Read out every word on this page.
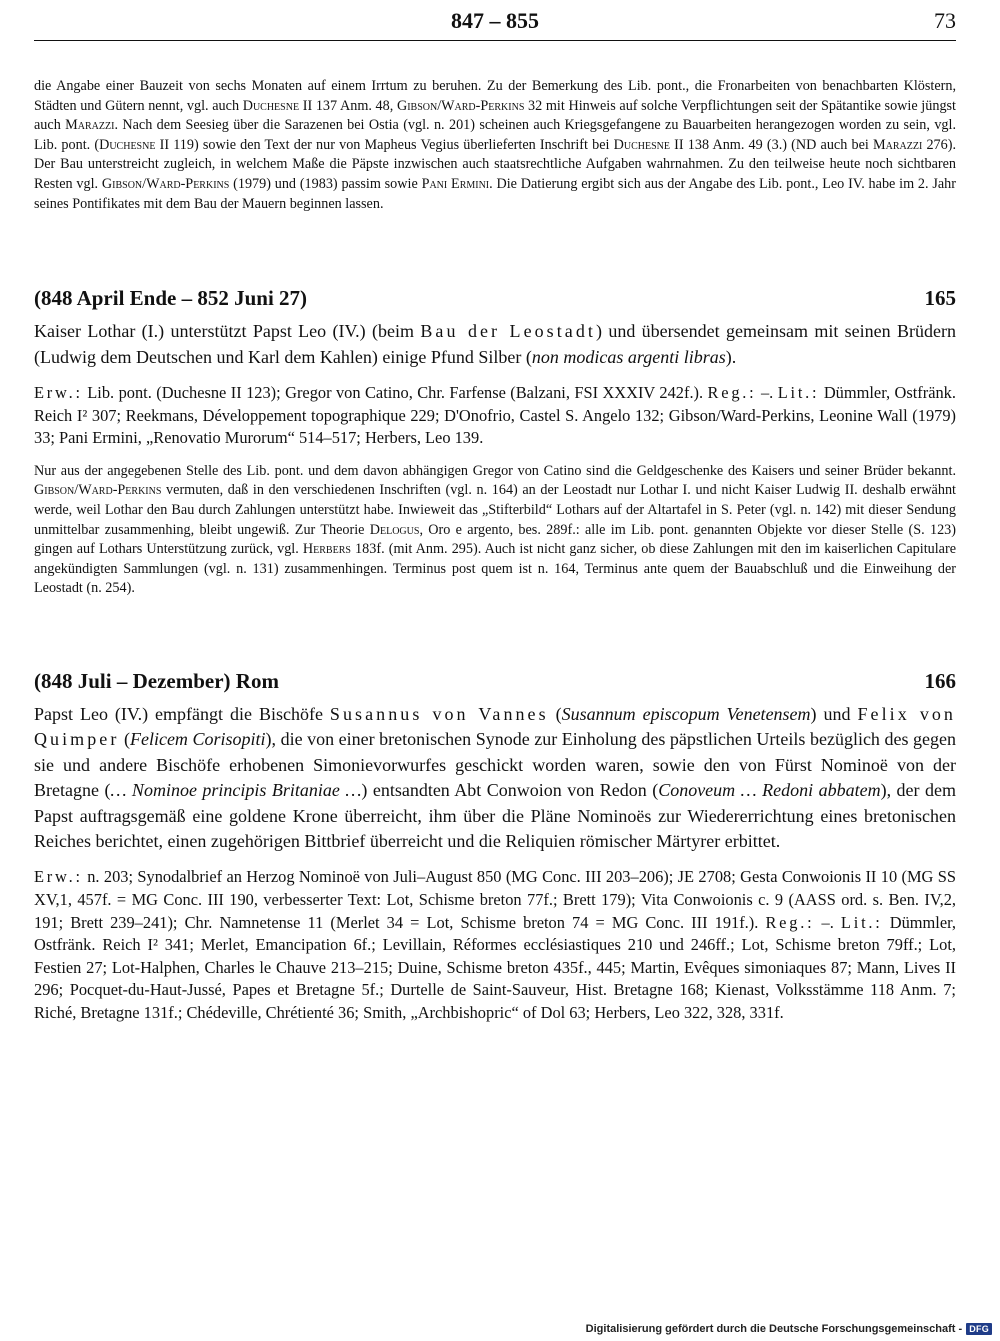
847 – 855	73

die Angabe einer Bauzeit von sechs Monaten auf einem Irrtum zu beruhen. Zu der Bemerkung des Lib. pont., die Fronarbeiten von benachbarten Klöstern, Städten und Gütern nennt, vgl. auch Duchesne II 137 Anm. 48, Gibson/Ward-Perkins 32 mit Hinweis auf solche Verpflichtungen seit der Spätantike sowie jüngst auch Marazzi. Nach dem Seesieg über die Sarazenen bei Ostia (vgl. n. 201) scheinen auch Kriegsgefangene zu Bauarbeiten herangezogen worden zu sein, vgl. Lib. pont. (Duchesne II 119) sowie den Text der nur von Mapheus Vegius überlieferten Inschrift bei Duchesne II 138 Anm. 49 (3.) (ND auch bei Marazzi 276). Der Bau unterstreicht zugleich, in welchem Maße die Päpste inzwischen auch staatsrechtliche Aufgaben wahrnahmen. Zu den teilweise heute noch sichtbaren Resten vgl. Gibson/Ward-Perkins (1979) und (1983) passim sowie Pani Ermini. Die Datierung ergibt sich aus der Angabe des Lib. pont., Leo IV. habe im 2. Jahr seines Pontifikates mit dem Bau der Mauern beginnen lassen.

(848 April Ende – 852 Juni 27)	165

Kaiser Lothar (I.) unterstützt Papst Leo (IV.) (beim Bau der Leostadt) und übersendet gemeinsam mit seinen Brüdern (Ludwig dem Deutschen und Karl dem Kahlen) einige Pfund Silber (non modicas argenti libras).

Erw.: Lib. pont. (Duchesne II 123); Gregor von Catino, Chr. Farfense (Balzani, FSI XXXIV 242f.). Reg.: –. Lit.: Dümmler, Ostfränk. Reich I² 307; Reekmans, Développement topographique 229; D'Onofrio, Castel S. Angelo 132; Gibson/Ward-Perkins, Leonine Wall (1979) 33; Pani Ermini, „Renovatio Murorum“ 514–517; Herbers, Leo 139.

Nur aus der angegebenen Stelle des Lib. pont. und dem davon abhängigen Gregor von Catino sind die Geldgeschenke des Kaisers und seiner Brüder bekannt. Gibson/Ward-Perkins vermuten, daß in den verschiedenen Inschriften (vgl. n. 164) an der Leostadt nur Lothar I. und nicht Kaiser Ludwig II. deshalb erwähnt werde, weil Lothar den Bau durch Zahlungen unterstützt habe. Inwieweit das „Stifterbild“ Lothars auf der Altartafel in S. Peter (vgl. n. 142) mit dieser Sendung unmittelbar zusammenhing, bleibt ungewiß. Zur Theorie Delogus, Oro e argento, bes. 289f.: alle im Lib. pont. genannten Objekte vor dieser Stelle (S. 123) gingen auf Lothars Unterstützung zurück, vgl. Herbers 183f. (mit Anm. 295). Auch ist nicht ganz sicher, ob diese Zahlungen mit den im kaiserlichen Capitulare angekündigten Sammlungen (vgl. n. 131) zusammenhingen. Terminus post quem ist n. 164, Terminus ante quem der Bauabschluß und die Einweihung der Leostadt (n. 254).

(848 Juli – Dezember) Rom	166

Papst Leo (IV.) empfängt die Bischöfe Susannus von Vannes (Susannum episcopum Venetensem) und Felix von Quimper (Felicem Corisopiti), die von einer bretonischen Synode zur Einholung des päpstlichen Urteils bezüglich des gegen sie und andere Bischöfe erhobenen Simonievorwurfes geschickt worden waren, sowie den von Fürst Nominoë von der Bretagne (… Nominoe principis Britaniae …) entsandten Abt Conwoion von Redon (Conoveum … Redoni abbatem), der dem Papst auftragsgemäß eine goldene Krone überreicht, ihm über die Pläne Nominoës zur Wiedererrichtung eines bretonischen Reiches berichtet, einen zugehörigen Bittbrief überreicht und die Reliquien römischer Märtyrer erbittet.

Erw.: n. 203; Synodalbrief an Herzog Nominoë von Juli–August 850 (MG Conc. III 203–206); JE 2708; Gesta Conwoionis II 10 (MG SS XV,1, 457f. = MG Conc. III 190, verbesserter Text: Lot, Schisme breton 77f.; Brett 179); Vita Conwoionis c. 9 (AASS ord. s. Ben. IV,2, 191; Brett 239–241); Chr. Namnetense 11 (Merlet 34 = Lot, Schisme breton 74 = MG Conc. III 191f.). Reg.: –. Lit.: Dümmler, Ostfränk. Reich I² 341; Merlet, Emancipation 6f.; Levillain, Réformes ecclésiastiques 210 und 246ff.; Lot, Schisme breton 79ff.; Lot, Festien 27; Lot-Halphen, Charles le Chauve 213–215; Duine, Schisme breton 435f., 445; Martin, Evêques simoniaques 87; Mann, Lives II 296; Pocquet-du-Haut-Jussé, Papes et Bretagne 5f.; Durtelle de Saint-Sauveur, Hist. Bretagne 168; Kienast, Volksstämme 118 Anm. 7; Riché, Bretagne 131f.; Chédeville, Chrétienté 36; Smith, „Archbishopric“ of Dol 63; Herbers, Leo 322, 328, 331f.

Digitalisierung gefördert durch die Deutsche Forschungsgemeinschaft - DFG
